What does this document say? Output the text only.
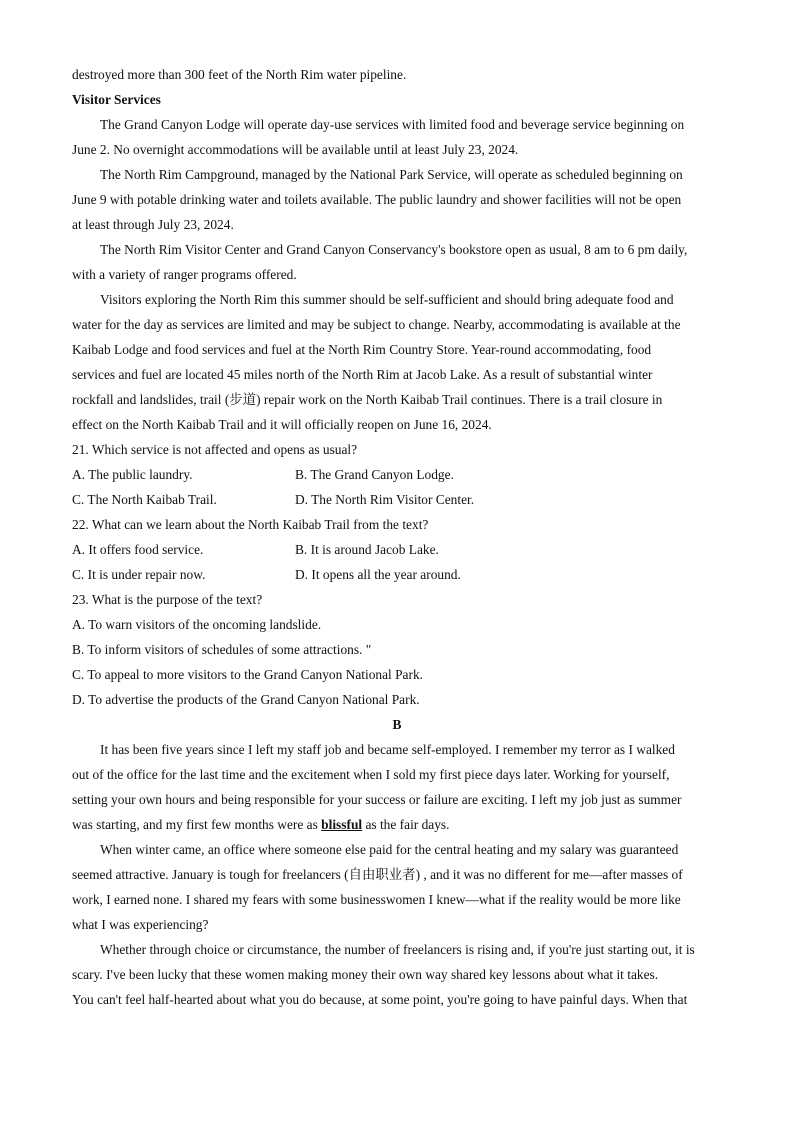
destroyed more than 300 feet of the North Rim water pipeline.
Visitor Services
The Grand Canyon Lodge will operate day-use services with limited food and beverage service beginning on
June 2. No overnight accommodations will be available until at least July 23, 2024.
The North Rim Campground, managed by the National Park Service, will operate as scheduled beginning on
June 9 with potable drinking water and toilets available. The public laundry and shower facilities will not be open
at least through July 23, 2024.
The North Rim Visitor Center and Grand Canyon Conservancy's bookstore open as usual, 8 am to 6 pm daily,
with a variety of ranger programs offered.
Visitors exploring the North Rim this summer should be self-sufficient and should bring adequate food and
water for the day as services are limited and may be subject to change. Nearby, accommodating is available at the
Kaibab Lodge and food services and fuel at the North Rim Country Store. Year-round accommodating, food
services and fuel are located 45 miles north of the North Rim at Jacob Lake. As a result of substantial winter
rockfall and landslides, trail (步道) repair work on the North Kaibab Trail continues. There is a trail closure in
effect on the North Kaibab Trail and it will officially reopen on June 16, 2024.
21. Which service is not affected and opens as usual?
A. The public laundry.	B. The Grand Canyon Lodge.
C. The North Kaibab Trail.	D. The North Rim Visitor Center.
22. What can we learn about the North Kaibab Trail from the text?
A. It offers food service.	B. It is around Jacob Lake.
C. It is under repair now.	D. It opens all the year around.
23. What is the purpose of the text?
A. To warn visitors of the oncoming landslide.
B. To inform visitors of schedules of some attractions. "
C. To appeal to more visitors to the Grand Canyon National Park.
D. To advertise the products of the Grand Canyon National Park.
B
It has been five years since I left my staff job and became self-employed. I remember my terror as I walked
out of the office for the last time and the excitement when I sold my first piece days later. Working for yourself,
setting your own hours and being responsible for your success or failure are exciting. I left my job just as summer
was starting, and my first few months were as blissful as the fair days.
When winter came, an office where someone else paid for the central heating and my salary was guaranteed
seemed attractive. January is tough for freelancers (自由职业者) , and it was no different for me—after masses of
work, I earned none. I shared my fears with some businesswomen I knew—what if the reality would be more like
what I was experiencing?
Whether through choice or circumstance, the number of freelancers is rising and, if you're just starting out, it is
scary. I've been lucky that these women making money their own way shared key lessons about what it takes.
You can't feel half-hearted about what you do because, at some point, you're going to have painful days. When that
